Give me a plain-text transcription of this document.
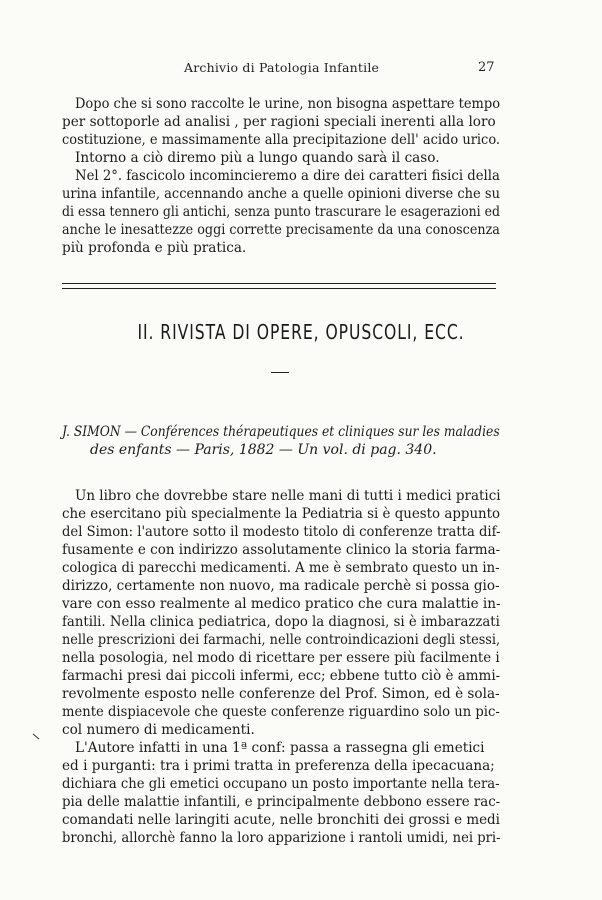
Archivio di Patologia Infantile	27
Dopo che si sono raccolte le urine, non bisogna aspettare tempo
per sottoporle ad analisi , per ragioni speciali inerenti alla loro
costituzione, e massimamente alla precipitazione dell' acido urico.
Intorno a ciò diremo più a lungo quando sarà il caso.
Nel 2°. fascicolo incomincieremo a dire dei caratteri fisici della
urina infantile, accennando anche a quelle opinioni diverse che su
di essa tennero gli antichi, senza punto trascurare le esagerazioni ed
anche le inesattezze oggi corrette precisamente da una conoscenza
più profonda e più pratica.
II. RIVISTA DI OPERE, OPUSCOLI, ECC.
J. SIMON — Conférences thérapeutiques et cliniques sur les maladies
des enfants — Paris, 1882 — Un vol. di pag. 340.
Un libro che dovrebbe stare nelle mani di tutti i medici pratici
che esercitano più specialmente la Pediatria si è questo appunto
del Simon: l'autore sotto il modesto titolo di conferenze tratta dif-
fusamente e con indirizzo assolutamente clinico la storia farma-
cologica di parecchi medicamenti. A me è sembrato questo un in-
dirizzo, certamente non nuovo, ma radicale perchè si possa gio-
vare con esso realmente al medico pratico che cura malattie in-
fantili. Nella clinica pediatrica, dopo la diagnosi, si è imbarazzati
nelle prescrizioni dei farmachi, nelle controindicazioni degli stessi,
nella posologia, nel modo di ricettare per essere più facilmente i
farmachi presi dai piccoli infermi, ecc; ebbene tutto ciò è ammi-
revolmente esposto nelle conferenze del Prof. Simon, ed è sola-
mente dispiacevole che queste conferenze riguardino solo un pic-
col numero di medicamenti.
L'Autore infatti in una 1ª conf: passa a rassegna gli emetici
ed i purganti: tra i primi tratta in preferenza della ipecacuana;
dichiara che gli emetici occupano un posto importante nella tera-
pia delle malattie infantili, e principalmente debbono essere rac-
comandati nelle laringiti acute, nelle bronchiti dei grossi e medi
bronchi, allorchè fanno la loro apparizione i rantoli umidi, nei pri-
